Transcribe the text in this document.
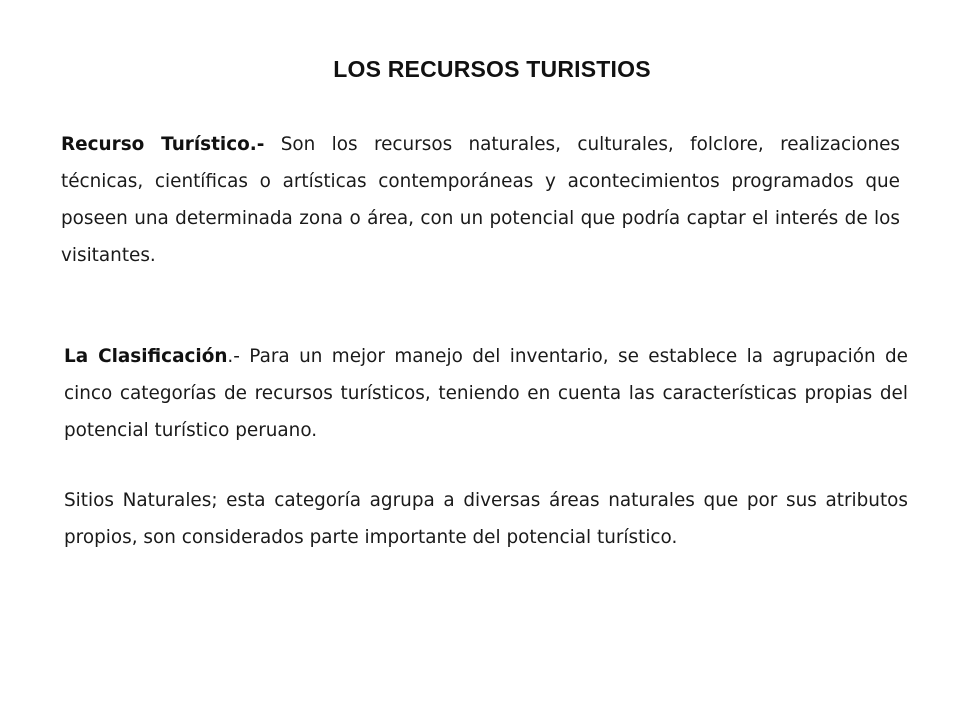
LOS RECURSOS TURISTIOS

Recurso Turístico.- Son los recursos naturales, culturales, folclore, realizaciones técnicas, científicas o artísticas contemporáneas y acontecimientos programados que poseen una determinada zona o área, con un potencial que podría captar el interés de los visitantes.

La Clasificación.- Para un mejor manejo del inventario, se establece la agrupación de cinco categorías de recursos turísticos, teniendo en cuenta las características propias del potencial turístico peruano.

Sitios Naturales; esta categoría agrupa a diversas áreas naturales que por sus atributos propios, son considerados parte importante del potencial turístico.
